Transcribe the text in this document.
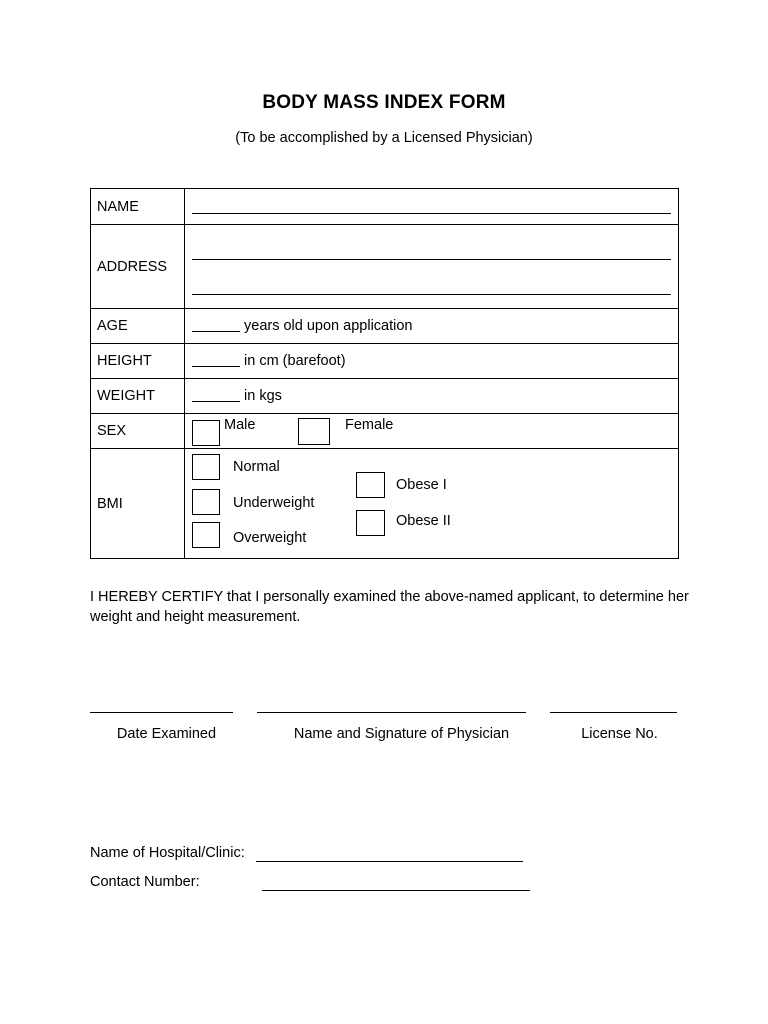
BODY MASS INDEX FORM
(To be accomplished by a Licensed Physician)
NAME	

ADDRESS	

AGE	years old upon application
HEIGHT	in cm (barefoot)
WEIGHT	in kgs
SEX	Male Female

BMI	Normal
Underweight
Overweight
Obese I
Obese II
I HEREBY CERTIFY that I personally examined the above-named applicant, to determine her weight and height measurement.
Date Examined	Name and Signature of Physician	License No.
Name of Hospital/Clinic:
Contact Number:
